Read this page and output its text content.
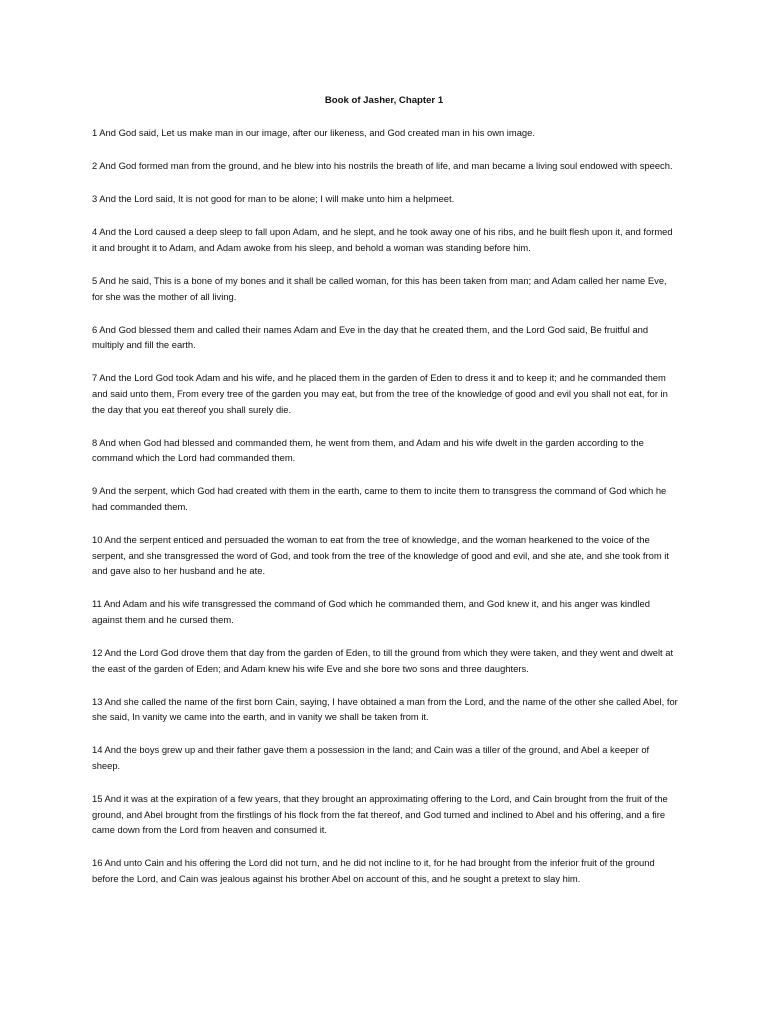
Book of Jasher, Chapter 1

1 And God said, Let us make man in our image, after our likeness, and God created man in his own image.

2 And God formed man from the ground, and he blew into his nostrils the breath of life, and man became a living soul endowed with speech.

3 And the Lord said, It is not good for man to be alone; I will make unto him a helpmeet.

4 And the Lord caused a deep sleep to fall upon Adam, and he slept, and he took away one of his ribs, and he built flesh upon it, and formed it and brought it to Adam, and Adam awoke from his sleep, and behold a woman was standing before him.

5 And he said, This is a bone of my bones and it shall be called woman, for this has been taken from man; and Adam called her name Eve, for she was the mother of all living.

6 And God blessed them and called their names Adam and Eve in the day that he created them, and the Lord God said, Be fruitful and multiply and fill the earth.

7 And the Lord God took Adam and his wife, and he placed them in the garden of Eden to dress it and to keep it; and he commanded them and said unto them, From every tree of the garden you may eat, but from the tree of the knowledge of good and evil you shall not eat, for in the day that you eat thereof you shall surely die.

8 And when God had blessed and commanded them, he went from them, and Adam and his wife dwelt in the garden according to the command which the Lord had commanded them.

9 And the serpent, which God had created with them in the earth, came to them to incite them to transgress the command of God which he had commanded them.

10 And the serpent enticed and persuaded the woman to eat from the tree of knowledge, and the woman hearkened to the voice of the serpent, and she transgressed the word of God, and took from the tree of the knowledge of good and evil, and she ate, and she took from it and gave also to her husband and he ate.

11 And Adam and his wife transgressed the command of God which he commanded them, and God knew it, and his anger was kindled against them and he cursed them.

12 And the Lord God drove them that day from the garden of Eden, to till the ground from which they were taken, and they went and dwelt at the east of the garden of Eden; and Adam knew his wife Eve and she bore two sons and three daughters.

13 And she called the name of the first born Cain, saying, I have obtained a man from the Lord, and the name of the other she called Abel, for she said, In vanity we came into the earth, and in vanity we shall be taken from it.

14 And the boys grew up and their father gave them a possession in the land; and Cain was a tiller of the ground, and Abel a keeper of sheep.

15 And it was at the expiration of a few years, that they brought an approximating offering to the Lord, and Cain brought from the fruit of the ground, and Abel brought from the firstlings of his flock from the fat thereof, and God turned and inclined to Abel and his offering, and a fire came down from the Lord from heaven and consumed it.

16 And unto Cain and his offering the Lord did not turn, and he did not incline to it, for he had brought from the inferior fruit of the ground before the Lord, and Cain was jealous against his brother Abel on account of this, and he sought a pretext to slay him.
